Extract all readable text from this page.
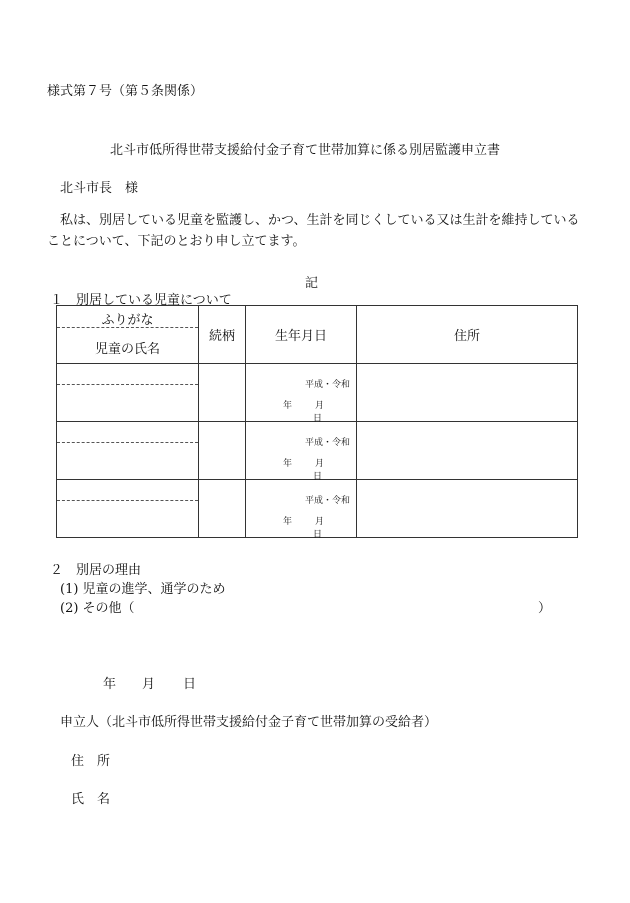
様式第７号（第５条関係）
北斗市低所得世帯支援給付金子育て世帯加算に係る別居監護申立書
北斗市長　様
私は、別居している児童を監護し、かつ、生計を同じくしている又は生計を維持していることについて、下記のとおり申し立てます。
記
１　別居している児童について
ふりがな
児童の氏名	続柄	生年月日	住所

		平成・令和
年 月日	

		平成・令和
年 月日	

		平成・令和
年 月日	

２　別居の理由
(1) 児童の進学、通学のため
(2) その他（	）
年 月 日
申立人（北斗市低所得世帯支援給付金子育て世帯加算の受給者）
住　所
氏　名
